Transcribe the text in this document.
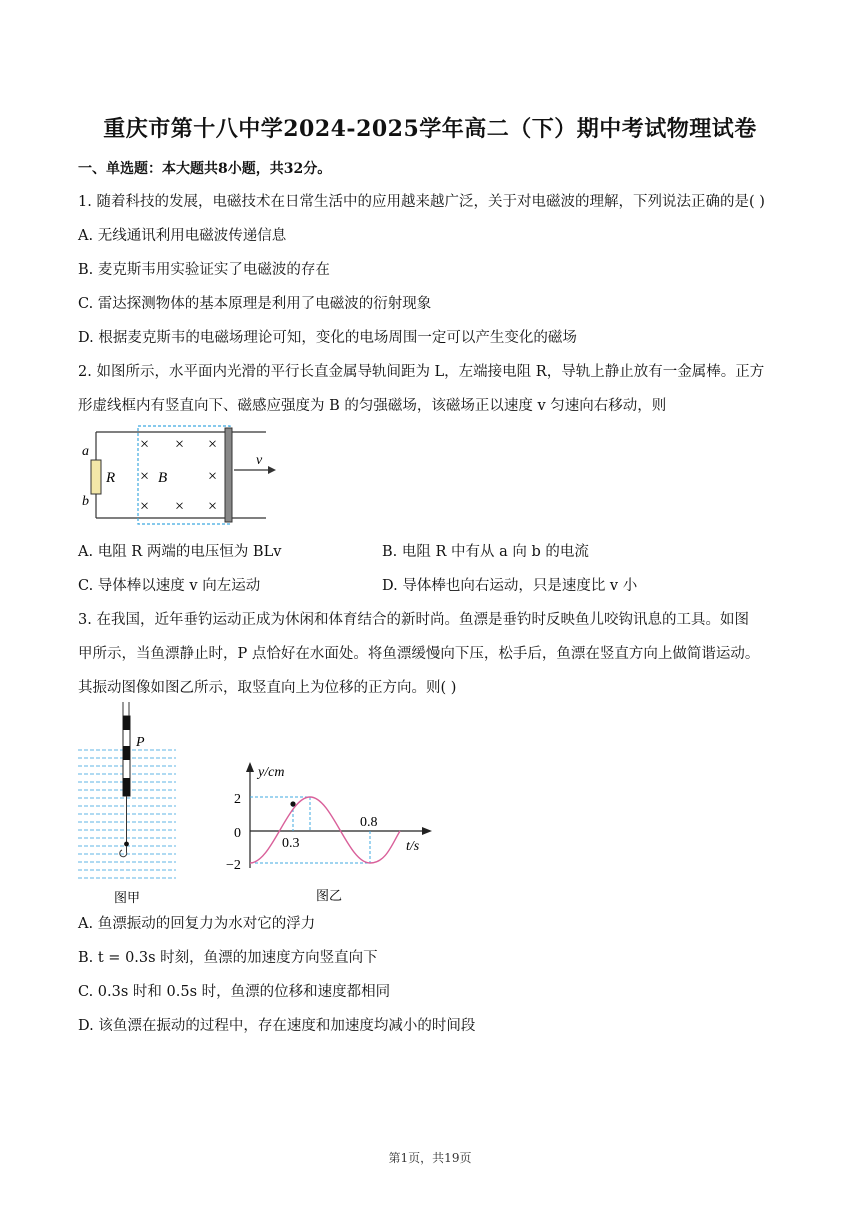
重庆市第十八中学2024-2025学年高二（下）期中考试物理试卷
一、单选题：本大题共8小题，共32分。
1. 随着科技的发展，电磁技术在日常生活中的应用越来越广泛，关于对电磁波的理解，下列说法正确的是( )
A. 无线通讯利用电磁波传递信息
B. 麦克斯韦用实验证实了电磁波的存在
C. 雷达探测物体的基本原理是利用了电磁波的衍射现象
D. 根据麦克斯韦的电磁场理论可知，变化的电场周围一定可以产生变化的磁场
2. 如图所示，水平面内光滑的平行长直金属导轨间距为 L，左端接电阻 R，导轨上静止放有一金属棒。正方
形虚线框内有竖直向下、磁感应强度为 B 的匀强磁场，该磁场正以速度 v 匀速向右移动，则
a
b
R
× × ×
× B	×
× × ×
v
A. 电阻 R 两端的电压恒为 BLv	B. 电阻 R 中有从 a 向 b 的电流
C. 导体棒以速度 v 向左运动	D. 导体棒也向右运动，只是速度比 v 小
3. 在我国，近年垂钓运动正成为休闲和体育结合的新时尚。鱼漂是垂钓时反映鱼儿咬钩讯息的工具。如图
甲所示，当鱼漂静止时，P 点恰好在水面处。将鱼漂缓慢向下压，松手后，鱼漂在竖直方向上做简谐运动。
其振动图像如图乙所示，取竖直向上为位移的正方向。则( )
P
图甲
y/cm
t/s
2
0
−2
0.3
0.8
图乙
A. 鱼漂振动的回复力为水对它的浮力
B. t = 0.3s 时刻，鱼漂的加速度方向竖直向下
C. 0.3s 时和 0.5s 时，鱼漂的位移和速度都相同
D. 该鱼漂在振动的过程中，存在速度和加速度均减小的时间段
第1页，共19页
